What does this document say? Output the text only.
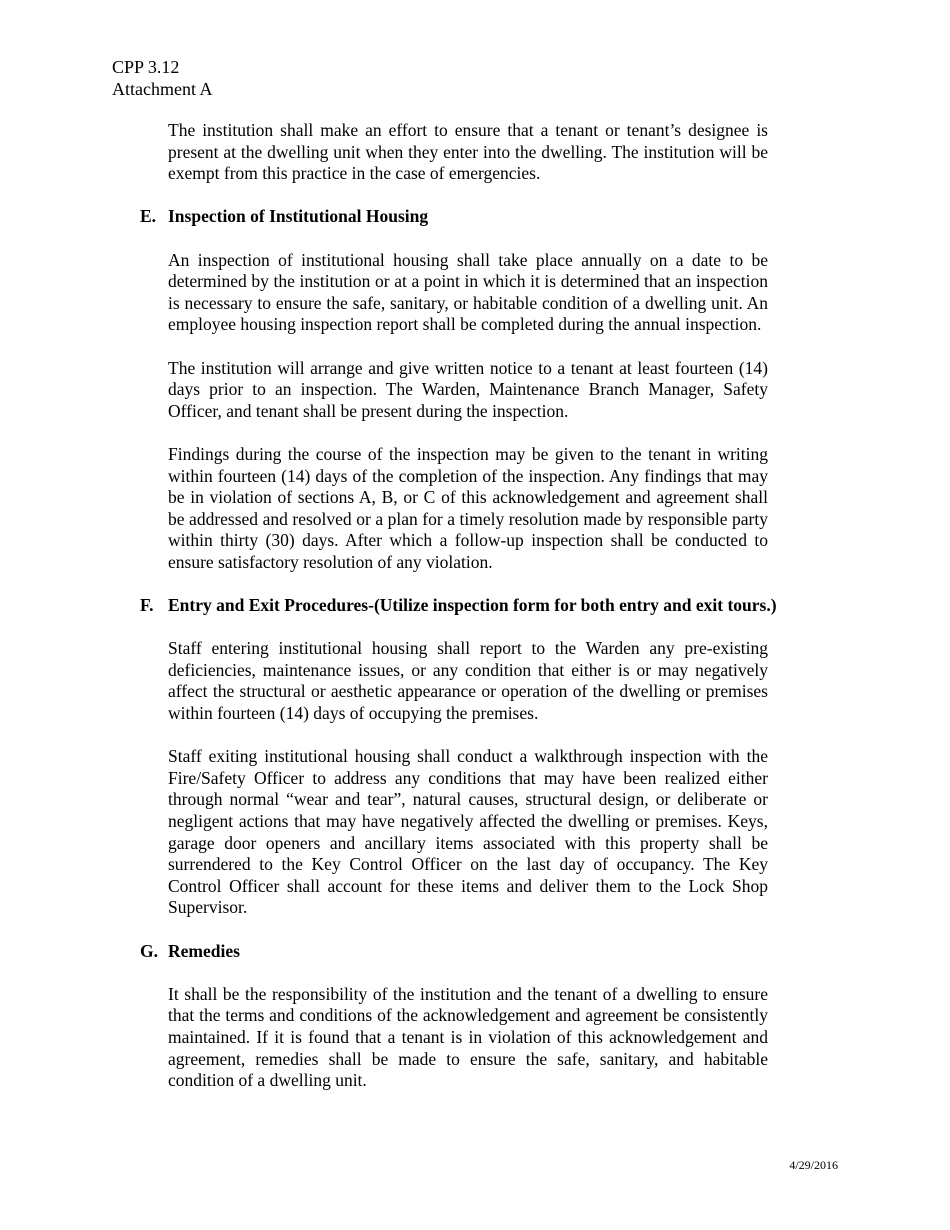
CPP 3.12
Attachment A

The institution shall make an effort to ensure that a tenant or tenant’s designee is present at the dwelling unit when they enter into the dwelling. The institution will be exempt from this practice in the case of emergencies.

E. Inspection of Institutional Housing

An inspection of institutional housing shall take place annually on a date to be determined by the institution or at a point in which it is determined that an inspection is necessary to ensure the safe, sanitary, or habitable condition of a dwelling unit. An employee housing inspection report shall be completed during the annual inspection.

The institution will arrange and give written notice to a tenant at least fourteen (14) days prior to an inspection. The Warden, Maintenance Branch Manager, Safety Officer, and tenant shall be present during the inspection.

Findings during the course of the inspection may be given to the tenant in writing within fourteen (14) days of the completion of the inspection. Any findings that may be in violation of sections A, B, or C of this acknowledgement and agreement shall be addressed and resolved or a plan for a timely resolution made by responsible party within thirty (30) days. After which a follow-up inspection shall be conducted to ensure satisfactory resolution of any violation.

F. Entry and Exit Procedures-(Utilize inspection form for both entry and exit tours.)

Staff entering institutional housing shall report to the Warden any pre-existing deficiencies, maintenance issues, or any condition that either is or may negatively affect the structural or aesthetic appearance or operation of the dwelling or premises within fourteen (14) days of occupying the premises.

Staff exiting institutional housing shall conduct a walkthrough inspection with the Fire/Safety Officer to address any conditions that may have been realized either through normal “wear and tear”, natural causes, structural design, or deliberate or negligent actions that may have negatively affected the dwelling or premises. Keys, garage door openers and ancillary items associated with this property shall be surrendered to the Key Control Officer on the last day of occupancy. The Key Control Officer shall account for these items and deliver them to the Lock Shop Supervisor.

G. Remedies

It shall be the responsibility of the institution and the tenant of a dwelling to ensure that the terms and conditions of the acknowledgement and agreement be consistently maintained. If it is found that a tenant is in violation of this acknowledgement and agreement, remedies shall be made to ensure the safe, sanitary, and habitable condition of a dwelling unit.

4/29/2016
